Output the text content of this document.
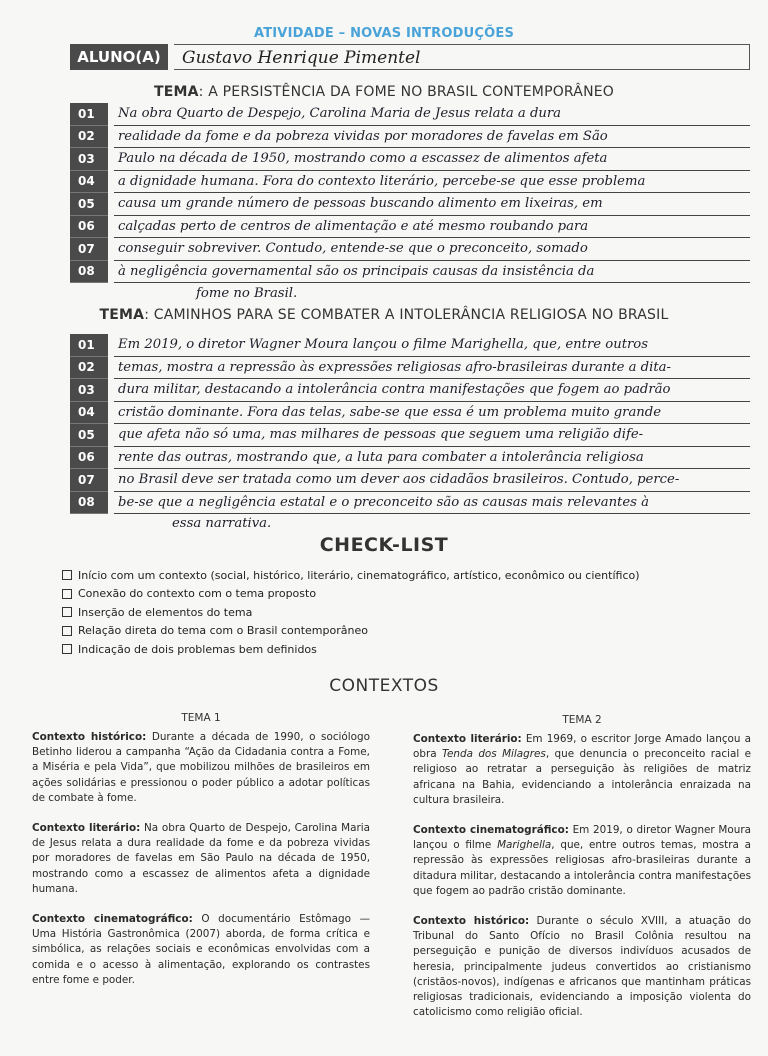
ATIVIDADE – NOVAS INTRODUÇÕES
ALUNO(A)	Gustavo Henrique Pimentel
TEMA: A PERSISTÊNCIA DA FOME NO BRASIL CONTEMPORÂNEO
01	Na obra Quarto de Despejo, Carolina Maria de Jesus relata a dura
02	realidade da fome e da pobreza vividas por moradores de favelas em São
03	Paulo na década de 1950, mostrando como a escassez de alimentos afeta
04	a dignidade humana. Fora do contexto literário, percebe-se que esse problema
05	causa um grande número de pessoas buscando alimento em lixeiras, em
06	calçadas perto de centros de alimentação e até mesmo roubando para
07	conseguir sobreviver. Contudo, entende-se que o preconceito, somado
08	à negligência governamental são os principais causas da insistência da
fome no Brasil.
TEMA: CAMINHOS PARA SE COMBATER A INTOLERÂNCIA RELIGIOSA NO BRASIL
01	Em 2019, o diretor Wagner Moura lançou o filme Marighella, que, entre outros
02	temas, mostra a repressão às expressões religiosas afro-brasileiras durante a dita-
03	dura militar, destacando a intolerância contra manifestações que fogem ao padrão
04	cristão dominante. Fora das telas, sabe-se que essa é um problema muito grande
05	que afeta não só uma, mas milhares de pessoas que seguem uma religião dife-
06	rente das outras, mostrando que, a luta para combater a intolerância religiosa
07	no Brasil deve ser tratada como um dever aos cidadãos brasileiros. Contudo, perce-
08	be-se que a negligência estatal e o preconceito são as causas mais relevantes à
essa narrativa.
CHECK-LIST
Início com um contexto (social, histórico, literário, cinematográfico, artístico, econômico ou científico)
Conexão do contexto com o tema proposto
Inserção de elementos do tema
Relação direta do tema com o Brasil contemporâneo
Indicação de dois problemas bem definidos
CONTEXTOS
TEMA 1
Contexto histórico: Durante a década de 1990, o sociólogo Betinho liderou a campanha “Ação da Cidadania contra a Fome, a Miséria e pela Vida”, que mobilizou milhões de brasileiros em ações solidárias e pressionou o poder público a adotar políticas de combate à fome.
Contexto literário: Na obra Quarto de Despejo, Carolina Maria de Jesus relata a dura realidade da fome e da pobreza vividas por moradores de favelas em São Paulo na década de 1950, mostrando como a escassez de alimentos afeta a dignidade humana.
Contexto cinematográfico: O documentário Estômago — Uma História Gastronômica (2007) aborda, de forma crítica e simbólica, as relações sociais e econômicas envolvidas com a comida e o acesso à alimentação, explorando os contrastes entre fome e poder.
TEMA 2
Contexto literário: Em 1969, o escritor Jorge Amado lançou a obra Tenda dos Milagres, que denuncia o preconceito racial e religioso ao retratar a perseguição às religiões de matriz africana na Bahia, evidenciando a intolerância enraizada na cultura brasileira.
Contexto cinematográfico: Em 2019, o diretor Wagner Moura lançou o filme Marighella, que, entre outros temas, mostra a repressão às expressões religiosas afro-brasileiras durante a ditadura militar, destacando a intolerância contra manifestações que fogem ao padrão cristão dominante.
Contexto histórico: Durante o século XVIII, a atuação do Tribunal do Santo Ofício no Brasil Colônia resultou na perseguição e punição de diversos indivíduos acusados de heresia, principalmente judeus convertidos ao cristianismo (cristãos-novos), indígenas e africanos que mantinham práticas religiosas tradicionais, evidenciando a imposição violenta do catolicismo como religião oficial.
